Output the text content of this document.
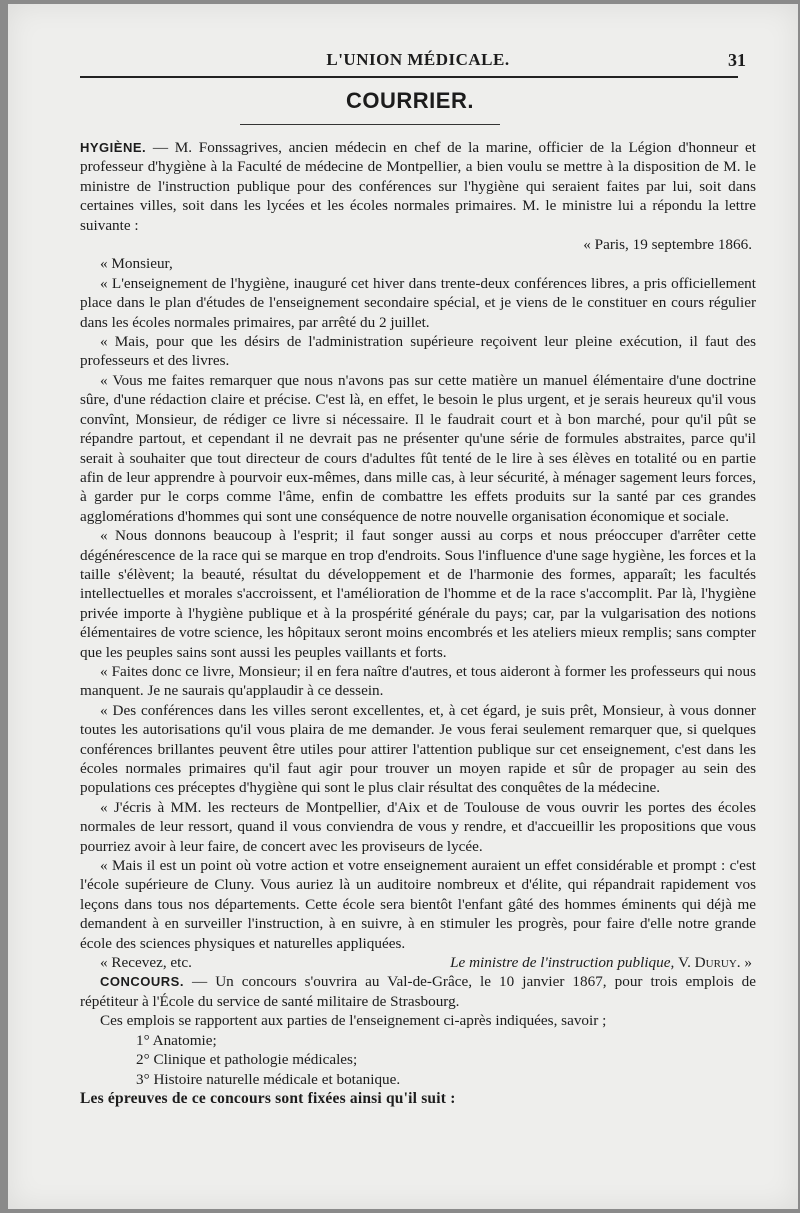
L'UNION MÉDICALE.	31
COURRIER.

HYGIÈNE. — M. Fonssagrives, ancien médecin en chef de la marine, officier de la Légion d'honneur et professeur d'hygiène à la Faculté de médecine de Montpellier, a bien voulu se mettre à la disposition de M. le ministre de l'instruction publique pour des conférences sur l'hygiène qui seraient faites par lui, soit dans certaines villes, soit dans les lycées et les écoles normales primaires. M. le ministre lui a répondu la lettre suivante :

« Paris, 19 septembre 1866.

« Monsieur,

« L'enseignement de l'hygiène, inauguré cet hiver dans trente-deux conférences libres, a pris officiellement place dans le plan d'études de l'enseignement secondaire spécial, et je viens de le constituer en cours régulier dans les écoles normales primaires, par arrêté du 2 juillet.

« Mais, pour que les désirs de l'administration supérieure reçoivent leur pleine exécution, il faut des professeurs et des livres.

« Vous me faites remarquer que nous n'avons pas sur cette matière un manuel élémentaire d'une doctrine sûre, d'une rédaction claire et précise. C'est là, en effet, le besoin le plus urgent, et je serais heureux qu'il vous convînt, Monsieur, de rédiger ce livre si nécessaire. Il le faudrait court et à bon marché, pour qu'il pût se répandre partout, et cependant il ne devrait pas ne présenter qu'une série de formules abstraites, parce qu'il serait à souhaiter que tout directeur de cours d'adultes fût tenté de le lire à ses élèves en totalité ou en partie afin de leur apprendre à pourvoir eux-mêmes, dans mille cas, à leur sécurité, à ménager sagement leurs forces, à garder pur le corps comme l'âme, enfin de combattre les effets produits sur la santé par ces grandes agglomérations d'hommes qui sont une conséquence de notre nouvelle organisation économique et sociale.

« Nous donnons beaucoup à l'esprit; il faut songer aussi au corps et nous préoccuper d'arrêter cette dégénérescence de la race qui se marque en trop d'endroits. Sous l'influence d'une sage hygiène, les forces et la taille s'élèvent; la beauté, résultat du développement et de l'harmonie des formes, apparaît; les facultés intellectuelles et morales s'accroissent, et l'amélioration de l'homme et de la race s'accomplit. Par là, l'hygiène privée importe à l'hygiène publique et à la prospérité générale du pays; car, par la vulgarisation des notions élémentaires de votre science, les hôpitaux seront moins encombrés et les ateliers mieux remplis; sans compter que les peuples sains sont aussi les peuples vaillants et forts.

« Faites donc ce livre, Monsieur; il en fera naître d'autres, et tous aideront à former les professeurs qui nous manquent. Je ne saurais qu'applaudir à ce dessein.

« Des conférences dans les villes seront excellentes, et, à cet égard, je suis prêt, Monsieur, à vous donner toutes les autorisations qu'il vous plaira de me demander. Je vous ferai seulement remarquer que, si quelques conférences brillantes peuvent être utiles pour attirer l'attention publique sur cet enseignement, c'est dans les écoles normales primaires qu'il faut agir pour trouver un moyen rapide et sûr de propager au sein des populations ces préceptes d'hygiène qui sont le plus clair résultat des conquêtes de la médecine.

« J'écris à MM. les recteurs de Montpellier, d'Aix et de Toulouse de vous ouvrir les portes des écoles normales de leur ressort, quand il vous conviendra de vous y rendre, et d'accueillir les propositions que vous pourriez avoir à leur faire, de concert avec les proviseurs de lycée.

« Mais il est un point où votre action et votre enseignement auraient un effet considérable et prompt : c'est l'école supérieure de Cluny. Vous auriez là un auditoire nombreux et d'élite, qui répandrait rapidement vos leçons dans tous nos départements. Cette école sera bientôt l'enfant gâté des hommes éminents qui déjà me demandent à en surveiller l'instruction, à en suivre, à en stimuler les progrès, pour faire d'elle notre grande école des sciences physiques et naturelles appliquées.

« Recevez, etc.	Le ministre de l'instruction publique, V. Duruy. »

CONCOURS. — Un concours s'ouvrira au Val-de-Grâce, le 10 janvier 1867, pour trois emplois de répétiteur à l'École du service de santé militaire de Strasbourg.

Ces emplois se rapportent aux parties de l'enseignement ci-après indiquées, savoir ;

1° Anatomie;

2° Clinique et pathologie médicales;

3° Histoire naturelle médicale et botanique.

Les épreuves de ce concours sont fixées ainsi qu'il suit :
